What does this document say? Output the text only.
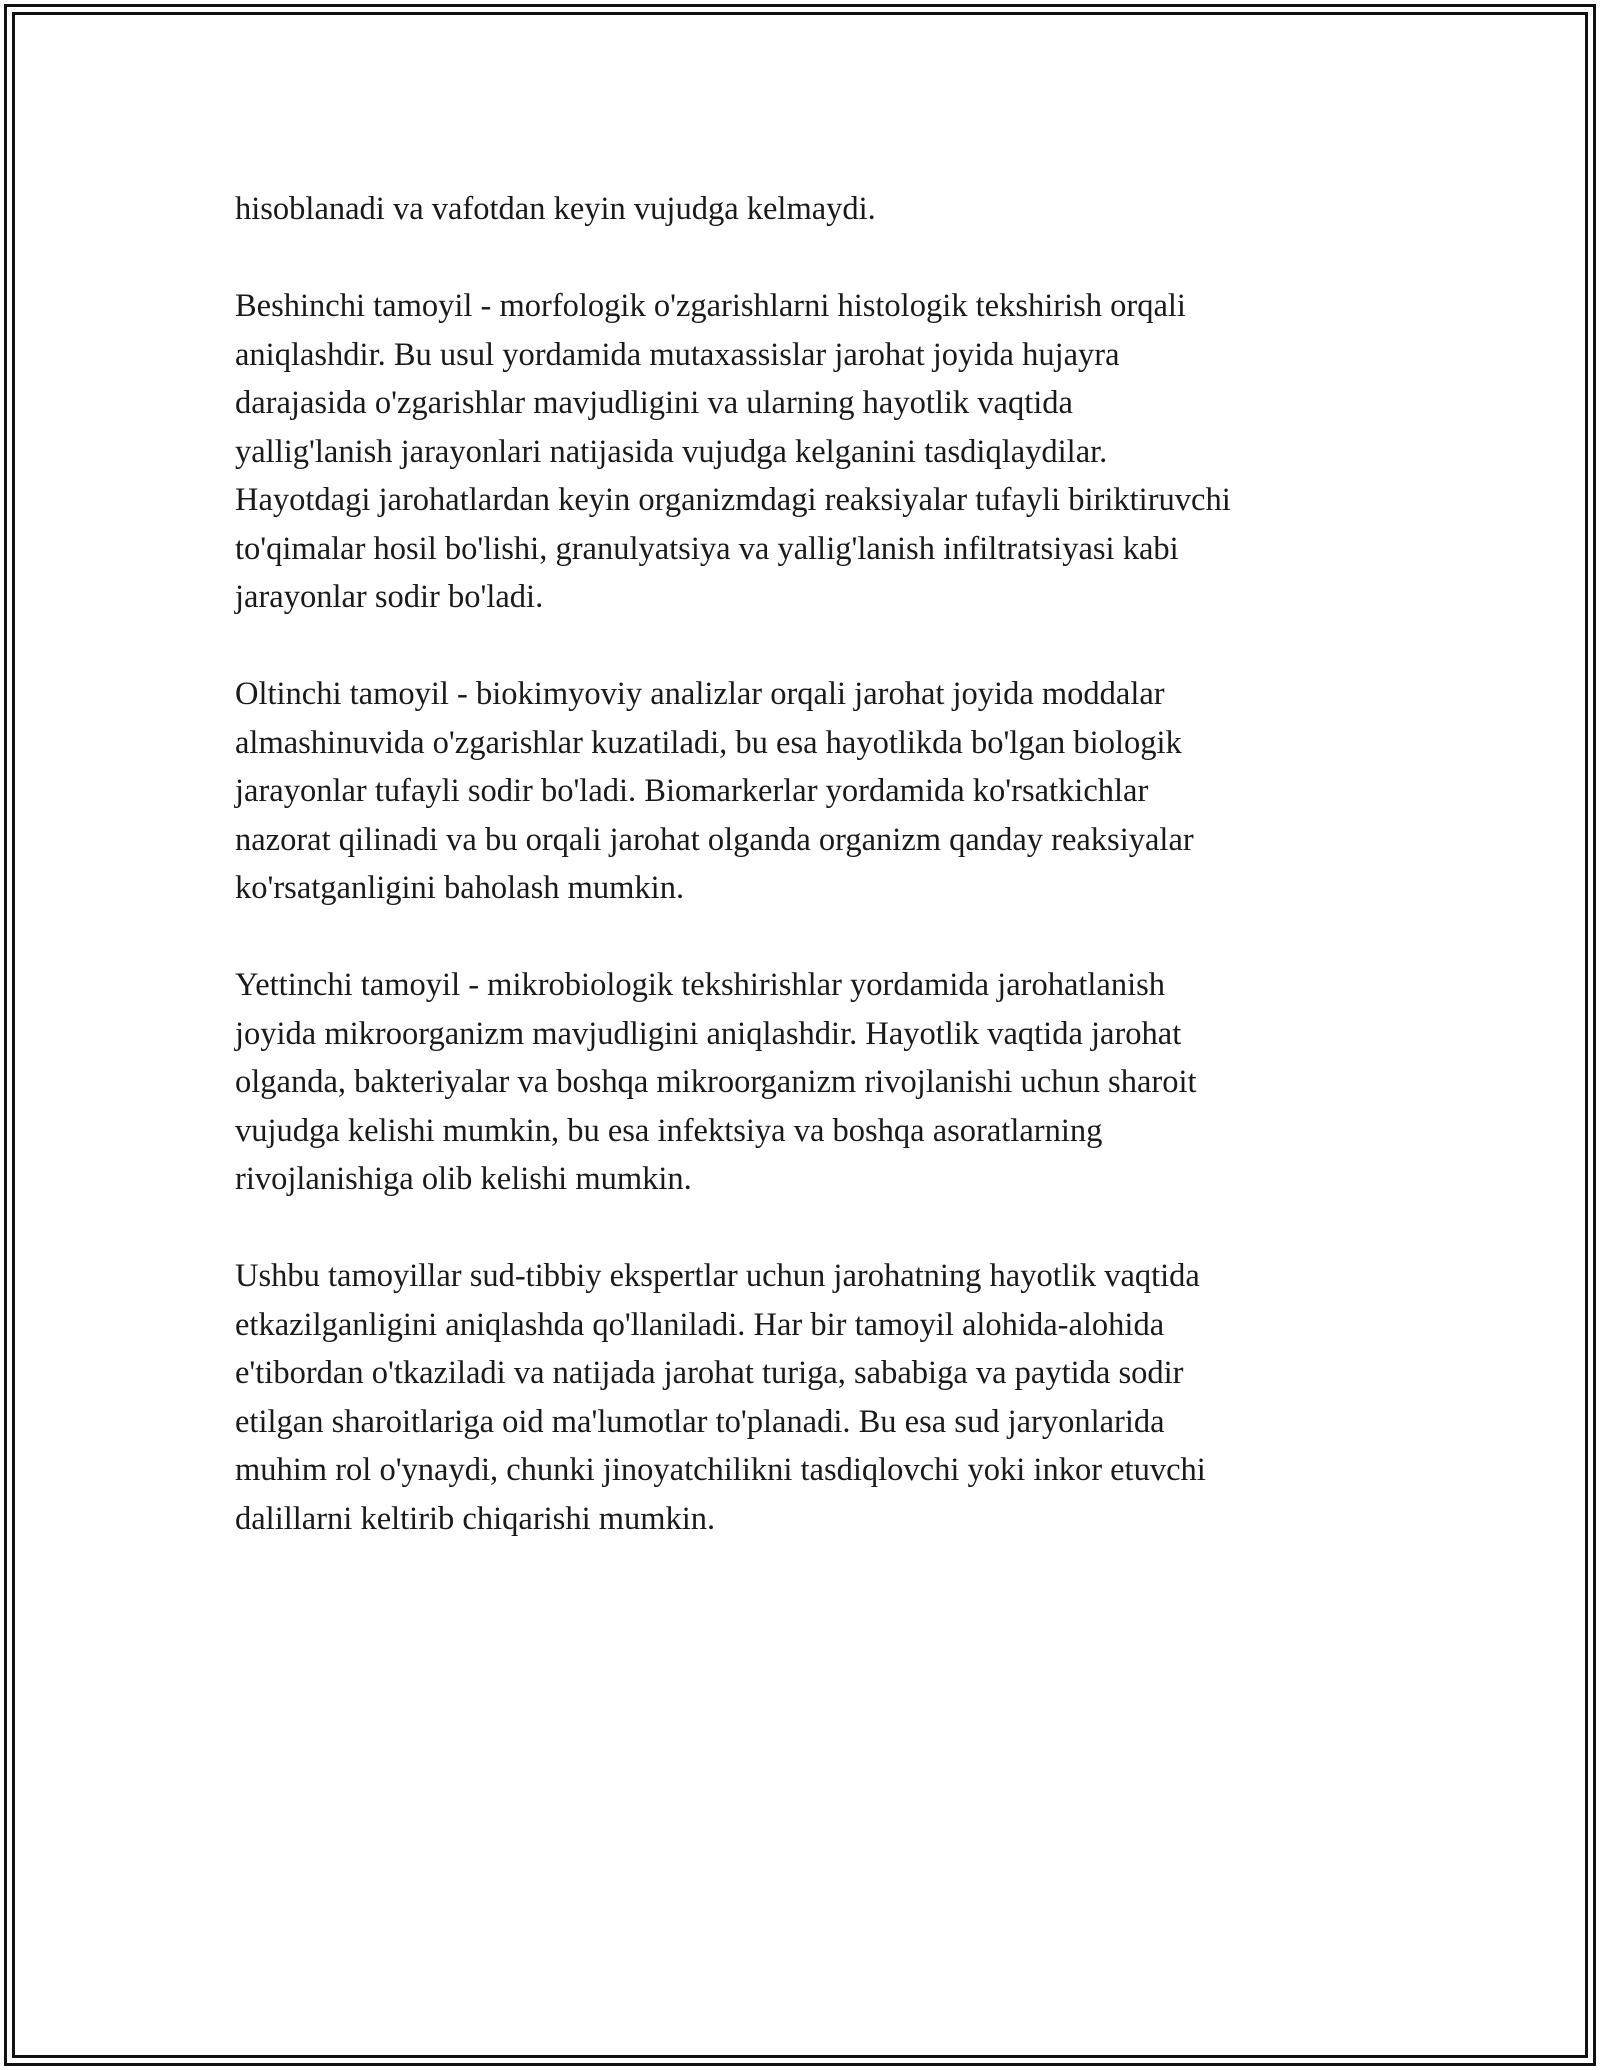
hisoblanadi va vafotdan keyin vujudga kelmaydi.

Beshinchi tamoyil - morfologik o'zgarishlarni histologik tekshirish orqali
aniqlashdir. Bu usul yordamida mutaxassislar jarohat joyida hujayra
darajasida o'zgarishlar mavjudligini va ularning hayotlik vaqtida
yallig'lanish jarayonlari natijasida vujudga kelganini tasdiqlaydilar.
Hayotdagi jarohatlardan keyin organizmdagi reaksiyalar tufayli biriktiruvchi
to'qimalar hosil bo'lishi, granulyatsiya va yallig'lanish infiltratsiyasi kabi
jarayonlar sodir bo'ladi.

Oltinchi tamoyil - biokimyoviy analizlar orqali jarohat joyida moddalar
almashinuvida o'zgarishlar kuzatiladi, bu esa hayotlikda bo'lgan biologik
jarayonlar tufayli sodir bo'ladi. Biomarkerlar yordamida ko'rsatkichlar
nazorat qilinadi va bu orqali jarohat olganda organizm qanday reaksiyalar
ko'rsatganligini baholash mumkin.

Yettinchi tamoyil - mikrobiologik tekshirishlar yordamida jarohatlanish
joyida mikroorganizm mavjudligini aniqlashdir. Hayotlik vaqtida jarohat
olganda, bakteriyalar va boshqa mikroorganizm rivojlanishi uchun sharoit
vujudga kelishi mumkin, bu esa infektsiya va boshqa asoratlarning
rivojlanishiga olib kelishi mumkin.

Ushbu tamoyillar sud-tibbiy ekspertlar uchun jarohatning hayotlik vaqtida
etkazilganligini aniqlashda qo'llaniladi. Har bir tamoyil alohida-alohida
e'tibordan o'tkaziladi va natijada jarohat turiga, sababiga va paytida sodir
etilgan sharoitlariga oid ma'lumotlar to'planadi. Bu esa sud jaryonlarida
muhim rol o'ynaydi, chunki jinoyatchilikni tasdiqlovchi yoki inkor etuvchi
dalillarni keltirib chiqarishi mumkin.
